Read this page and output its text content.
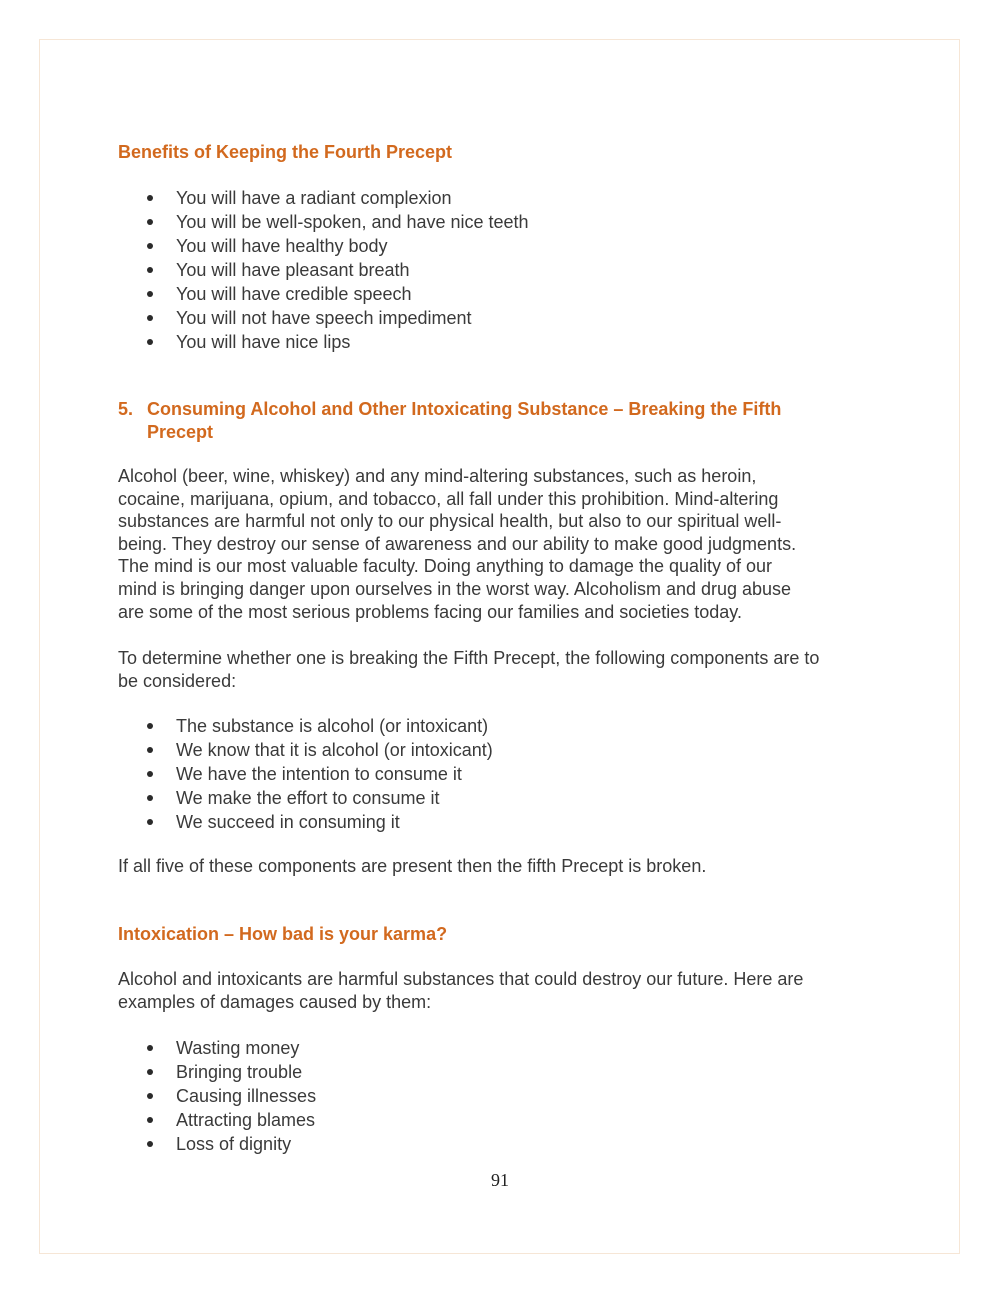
Benefits of Keeping the Fourth Precept
You will have a radiant complexion
You will be well-spoken, and have nice teeth
You will have healthy body
You will have pleasant breath
You will have credible speech
You will not have speech impediment
You will have nice lips
5. Consuming Alcohol and Other Intoxicating Substance – Breaking the Fifth
Precept

Alcohol (beer, wine, whiskey) and any mind-altering substances, such as heroin,
cocaine, marijuana, opium, and tobacco, all fall under this prohibition. Mind-altering
substances are harmful not only to our physical health, but also to our spiritual well-
being. They destroy our sense of awareness and our ability to make good judgments.
The mind is our most valuable faculty. Doing anything to damage the quality of our
mind is bringing danger upon ourselves in the worst way. Alcoholism and drug abuse
are some of the most serious problems facing our families and societies today.

To determine whether one is breaking the Fifth Precept, the following components are to
be considered:

The substance is alcohol (or intoxicant)
We know that it is alcohol (or intoxicant)
We have the intention to consume it
We make the effort to consume it
We succeed in consuming it

If all five of these components are present then the fifth Precept is broken.

Intoxication – How bad is your karma?

Alcohol and intoxicants are harmful substances that could destroy our future. Here are
examples of damages caused by them:

Wasting money
Bringing trouble
Causing illnesses
Attracting blames
Loss of dignity
91
